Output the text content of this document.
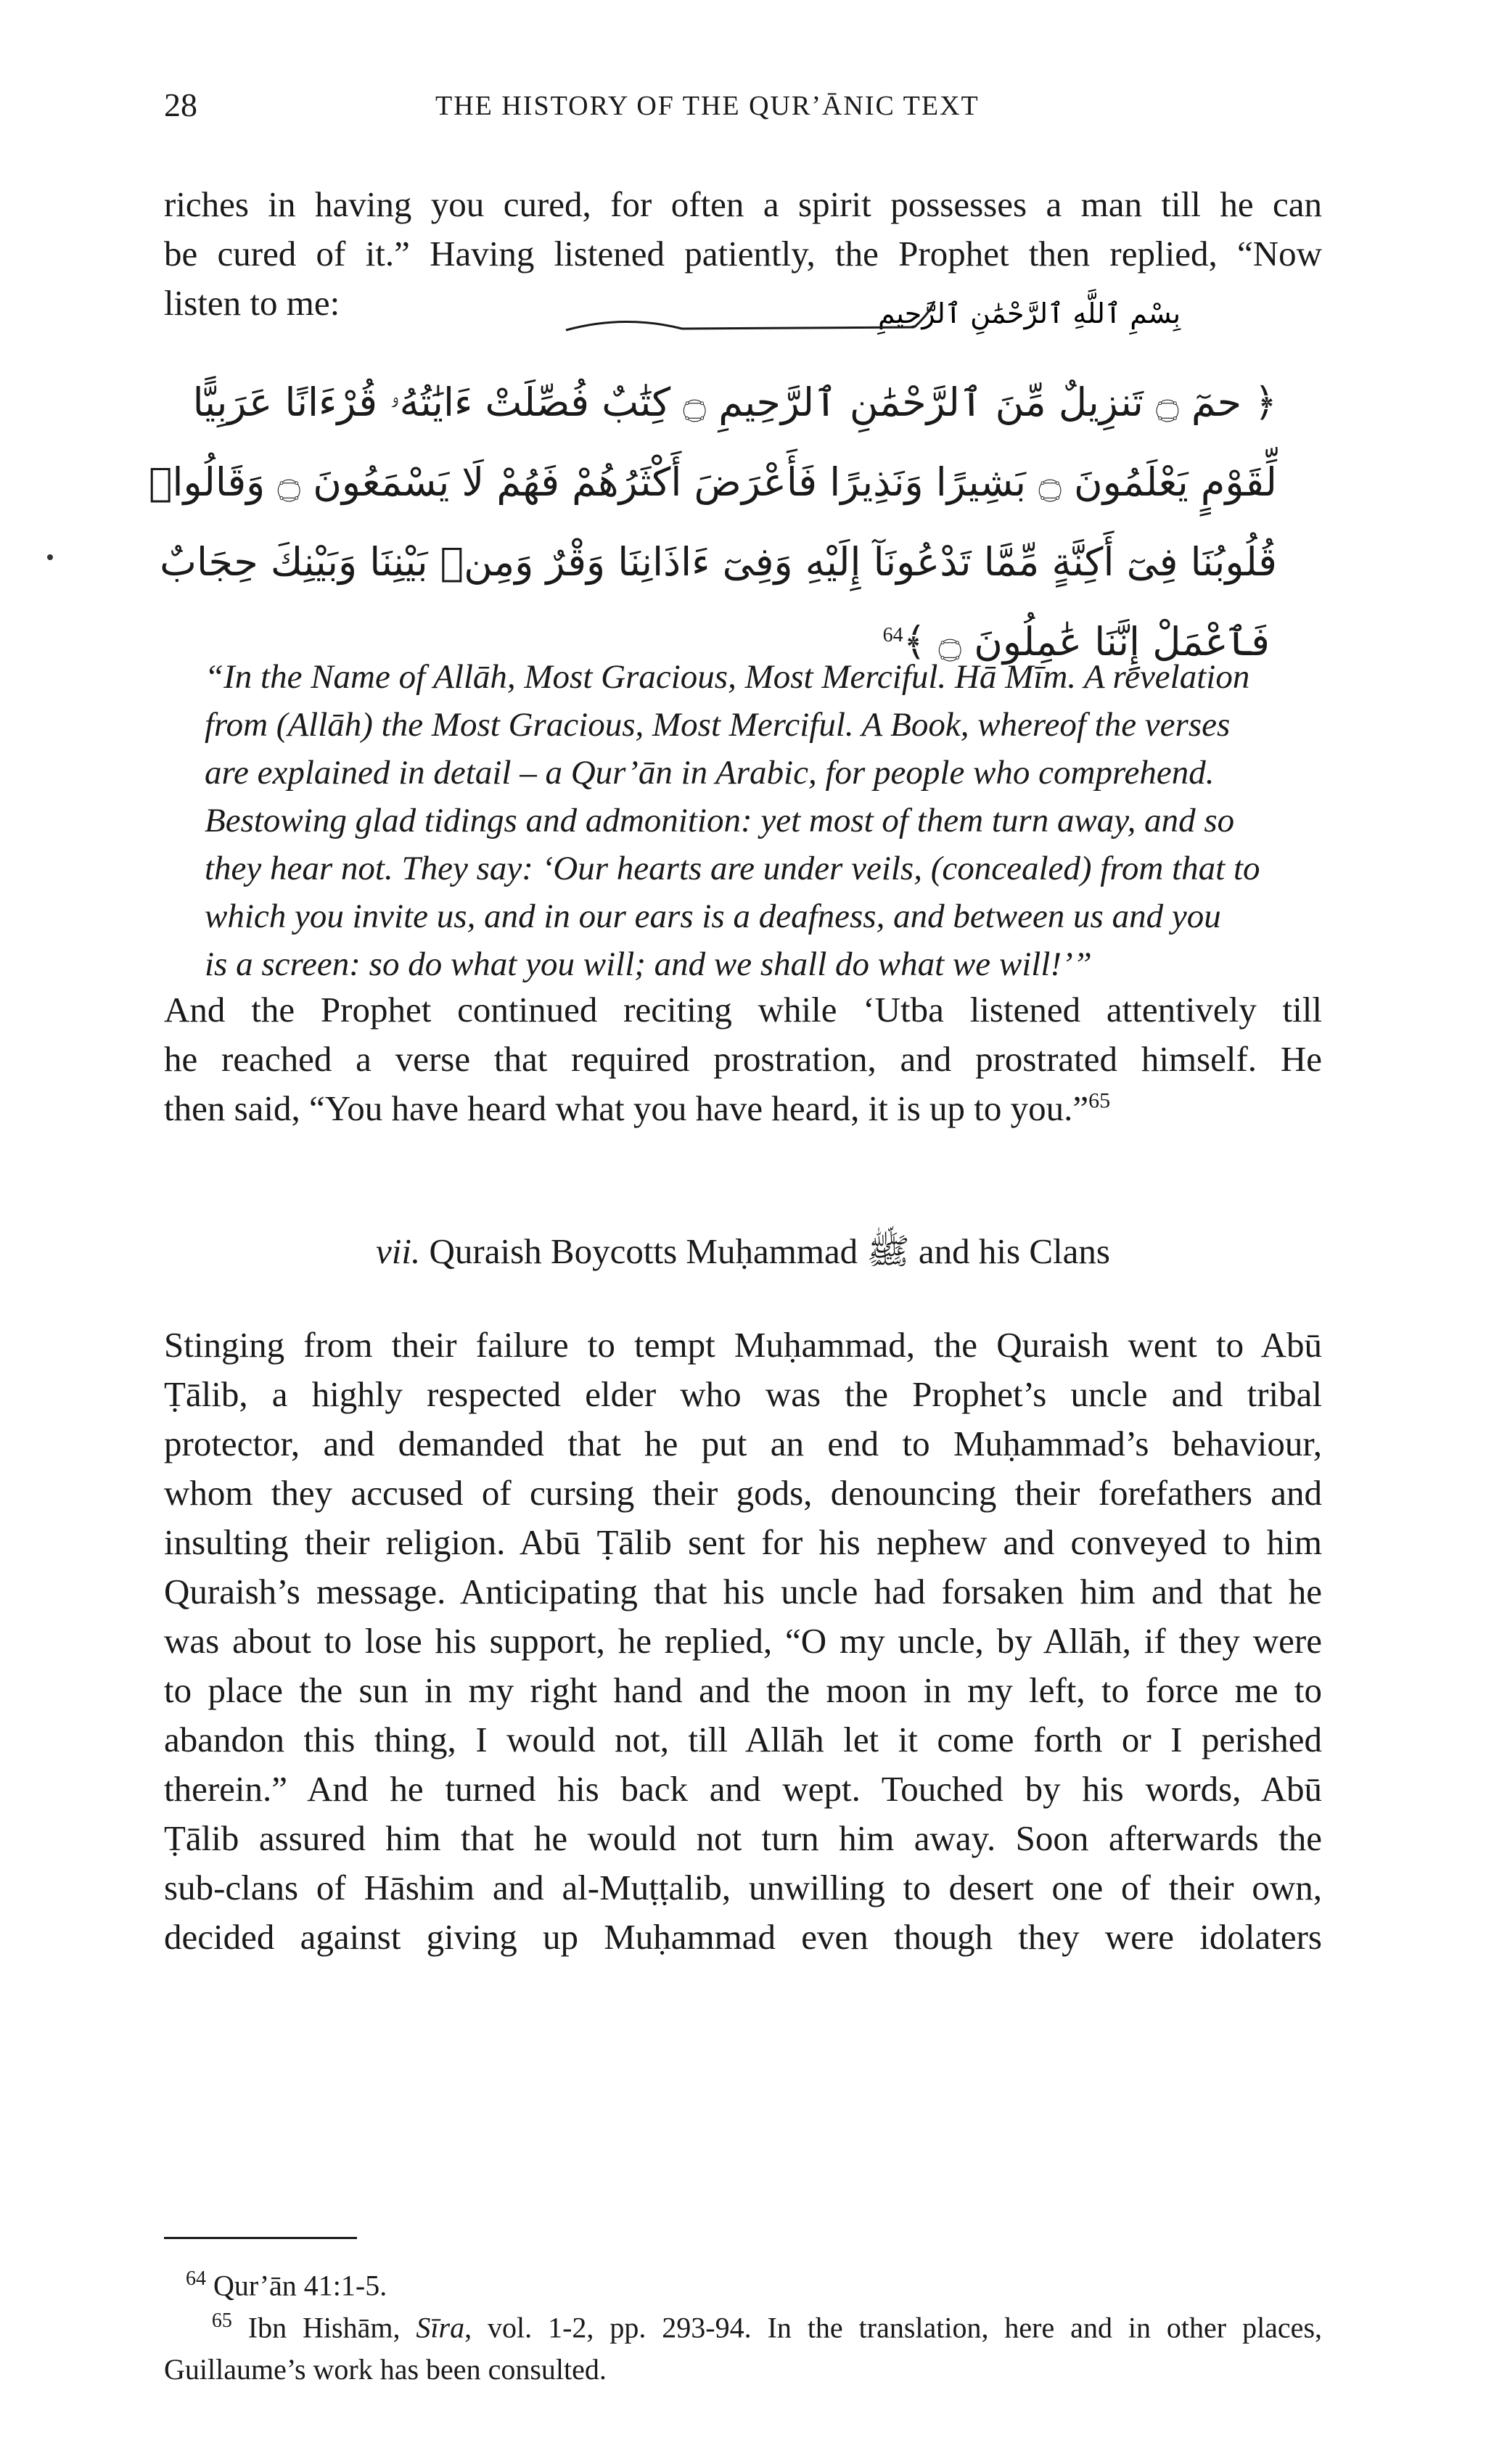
28	THE HISTORY OF THE QUR’ĀNIC TEXT
riches in having you cured, for often a spirit possesses a man till he can
be cured of it.” Having listened patiently, the Prophet then replied, “Now
listen to me:	بِسْمِ ٱللَّهِ ٱلرَّحْمَٰنِ ٱلرَّحِيمِ
﴿ حمٓ ۝ تَنزِيلٌ مِّنَ ٱلرَّحْمَٰنِ ٱلرَّحِيمِ ۝ كِتَٰبٌ فُصِّلَتْ ءَايَٰتُهُۥ قُرْءَانًا عَرَبِيًّا
لِّقَوْمٍ يَعْلَمُونَ ۝ بَشِيرًا وَنَذِيرًا فَأَعْرَضَ أَكْثَرُهُمْ فَهُمْ لَا يَسْمَعُونَ ۝ وَقَالُوا۟
قُلُوبُنَا فِىٓ أَكِنَّةٍ مِّمَّا تَدْعُونَآ إِلَيْهِ وَفِىٓ ءَاذَانِنَا وَقْرٌ وَمِنۢ بَيْنِنَا وَبَيْنِكَ حِجَابٌ
فَٱعْمَلْ إِنَّنَا عَٰمِلُونَ ۝ ﴾$^{64}$
“In the Name of Allāh, Most Gracious, Most Merciful. Hā Mīm. A revelation
from (Allāh) the Most Gracious, Most Merciful. A Book, whereof the verses
are explained in detail – a Qur’ān in Arabic, for people who comprehend.
Bestowing glad tidings and admonition: yet most of them turn away, and so
they hear not. They say: ‘Our hearts are under veils, (concealed) from that to
which you invite us, and in our ears is a deafness, and between us and you
is a screen: so do what you will; and we shall do what we will!’”
And the Prophet continued reciting while ‘Utba listened attentively till
he reached a verse that required prostration, and prostrated himself. He
then said, “You have heard what you have heard, it is up to you.”$^{65}$
vii. Quraish Boycotts Muḥammad ﷺ and his Clans
Stinging from their failure to tempt Muḥammad, the Quraish went to Abū
Ṭālib, a highly respected elder who was the Prophet’s uncle and tribal
protector, and demanded that he put an end to Muḥammad’s behaviour,
whom they accused of cursing their gods, denouncing their forefathers and
insulting their religion. Abū Ṭālib sent for his nephew and conveyed to him
Quraish’s message. Anticipating that his uncle had forsaken him and that he
was about to lose his support, he replied, “O my uncle, by Allāh, if they were
to place the sun in my right hand and the moon in my left, to force me to
abandon this thing, I would not, till Allāh let it come forth or I perished
therein.” And he turned his back and wept. Touched by his words, Abū
Ṭālib assured him that he would not turn him away. Soon afterwards the
sub-clans of Hāshim and al-Muṭṭalib, unwilling to desert one of their own,
decided against giving up Muḥammad even though they were idolaters
$^{64}$ Qur’ān 41:1-5.
$^{65}$ Ibn Hishām, Sīra, vol. 1-2, pp. 293-94. In the translation, here and in other places,
Guillaume’s work has been consulted.
